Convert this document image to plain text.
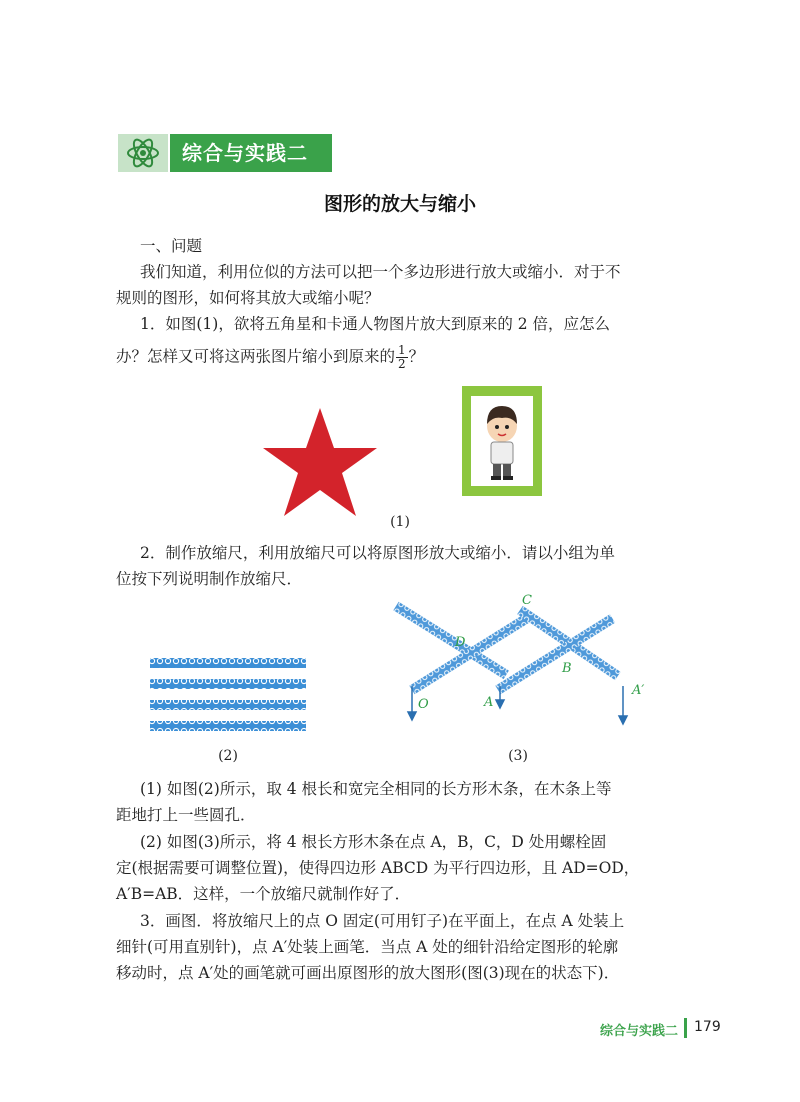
综合与实践二
图形的放大与缩小
一、问题
我们知道，利用位似的方法可以把一个多边形进行放大或缩小．对于不
规则的图形，如何将其放大或缩小呢？
1．如图(1)，欲将五角星和卡通人物图片放大到原来的 2 倍，应怎么
办？怎样又可将这两张图片缩小到原来的 $\frac{1}{2}$ ？
(1)
2．制作放缩尺，利用放缩尺可以将原图形放大或缩小．请以小组为单
位按下列说明制作放缩尺．
(2)
A
B
C
D
O
A′
(3)
(1) 如图(2)所示，取 4 根长和宽完全相同的长方形木条，在木条上等
距地打上一些圆孔．
(2) 如图(3)所示，将 4 根长方形木条在点 A，B，C，D 处用螺栓固
定(根据需要可调整位置)，使得四边形 ABCD 为平行四边形，且 AD=OD，
A′B=AB．这样，一个放缩尺就制作好了．
3．画图．将放缩尺上的点 O 固定(可用钉子)在平面上，在点 A 处装上
细针(可用直别针)，点 A′处装上画笔．当点 A 处的细针沿给定图形的轮廓
移动时，点 A′处的画笔就可画出原图形的放大图形(图(3)现在的状态下)．
综合与实践二 179
